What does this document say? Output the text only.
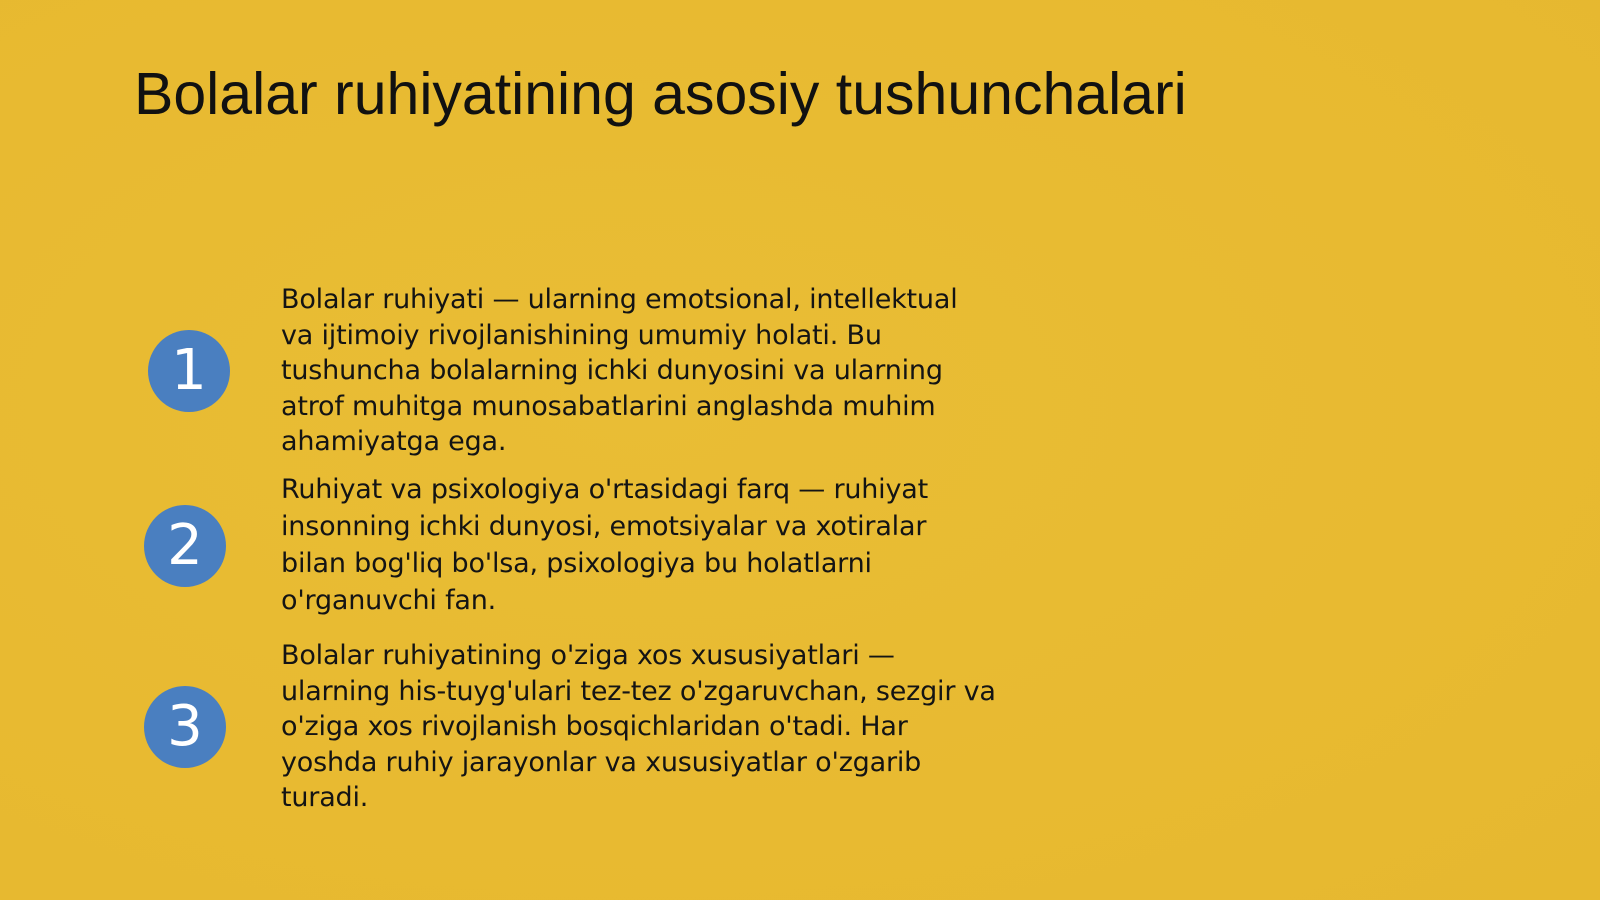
Bolalar ruhiyatining asosiy tushunchalari
1

Bolalar ruhiyati — ularning emotsional, intellektual va ijtimoiy rivojlanishining umumiy holati. Bu tushuncha bolalarning ichki dunyosini va ularning atrof muhitga munosabatlarini anglashda muhim ahamiyatga ega.

2

Ruhiyat va psixologiya o'rtasidagi farq — ruhiyat insonning ichki dunyosi, emotsiyalar va xotiralar bilan bog'liq bo'lsa, psixologiya bu holatlarni o'rganuvchi fan.

3

Bolalar ruhiyatining o'ziga xos xususiyatlari — ularning his-tuyg'ulari tez-tez o'zgaruvchan, sezgir va o'ziga xos rivojlanish bosqichlaridan o'tadi. Har yoshda ruhiy jarayonlar va xususiyatlar o'zgarib turadi.
